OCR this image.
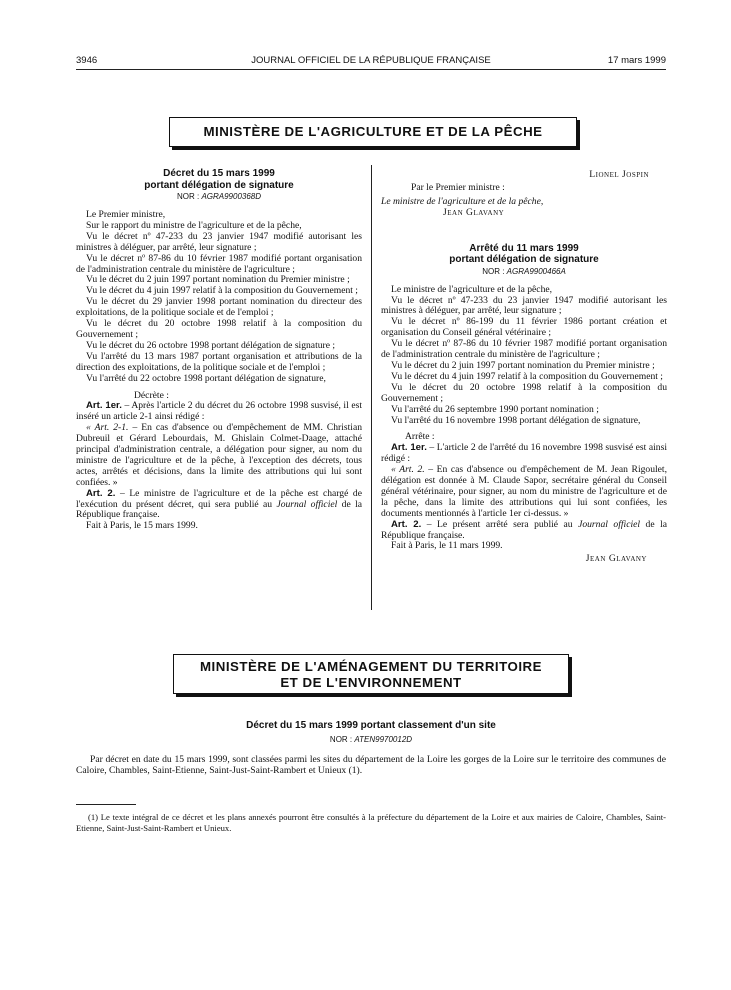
3946	JOURNAL OFFICIEL DE LA RÉPUBLIQUE FRANÇAISE	17 mars 1999
MINISTÈRE DE L'AGRICULTURE ET DE LA PÊCHE
Décret du 15 mars 1999
portant délégation de signature
NOR : AGRA9900368D

Le Premier ministre,

Sur le rapport du ministre de l'agriculture et de la pêche,

Vu le décret nº 47-233 du 23 janvier 1947 modifié autorisant les ministres à déléguer, par arrêté, leur signature ;

Vu le décret nº 87-86 du 10 février 1987 modifié portant organisation de l'administration centrale du ministère de l'agriculture ;

Vu le décret du 2 juin 1997 portant nomination du Premier ministre ;

Vu le décret du 4 juin 1997 relatif à la composition du Gouvernement ;

Vu le décret du 29 janvier 1998 portant nomination du directeur des exploitations, de la politique sociale et de l'emploi ;

Vu le décret du 20 octobre 1998 relatif à la composition du Gouvernement ;

Vu le décret du 26 octobre 1998 portant délégation de signature ;

Vu l'arrêté du 13 mars 1987 portant organisation et attributions de la direction des exploitations, de la politique sociale et de l'emploi ;

Vu l'arrêté du 22 octobre 1998 portant délégation de signature,

Décrète :

Art. 1er. – Après l'article 2 du décret du 26 octobre 1998 susvisé, il est inséré un article 2-1 ainsi rédigé :

« Art. 2-1. – En cas d'absence ou d'empêchement de MM. Christian Dubreuil et Gérard Lebourdais, M. Ghislain Colmet-Daage, attaché principal d'administration centrale, a délégation pour signer, au nom du ministre de l'agriculture et de la pêche, à l'exception des décrets, tous actes, arrêtés et décisions, dans la limite des attributions qui lui sont confiées. »

Art. 2. – Le ministre de l'agriculture et de la pêche est chargé de l'exécution du présent décret, qui sera publié au Journal officiel de la République française.

Fait à Paris, le 15 mars 1999.

Lionel Jospin

Par le Premier ministre :

Le ministre de l'agriculture et de la pêche,

Jean Glavany

Arrêté du 11 mars 1999
portant délégation de signature
NOR : AGRA9900466A

Le ministre de l'agriculture et de la pêche,

Vu le décret nº 47-233 du 23 janvier 1947 modifié autorisant les ministres à déléguer, par arrêté, leur signature ;

Vu le décret nº 86-199 du 11 février 1986 portant création et organisation du Conseil général vétérinaire ;

Vu le décret nº 87-86 du 10 février 1987 modifié portant organisation de l'administration centrale du ministère de l'agriculture ;

Vu le décret du 2 juin 1997 portant nomination du Premier ministre ;

Vu le décret du 4 juin 1997 relatif à la composition du Gouvernement ;

Vu le décret du 20 octobre 1998 relatif à la composition du Gouvernement ;

Vu l'arrêté du 26 septembre 1990 portant nomination ;

Vu l'arrêté du 16 novembre 1998 portant délégation de signature,

Arrête :

Art. 1er. – L'article 2 de l'arrêté du 16 novembre 1998 susvisé est ainsi rédigé :

« Art. 2. – En cas d'absence ou d'empêchement de M. Jean Rigoulet, délégation est donnée à M. Claude Sapor, secrétaire général du Conseil général vétérinaire, pour signer, au nom du ministre de l'agriculture et de la pêche, dans la limite des attributions qui lui sont confiées, les documents mentionnés à l'article 1er ci-dessus. »

Art. 2. – Le présent arrêté sera publié au Journal officiel de la République française.

Fait à Paris, le 11 mars 1999.

Jean Glavany

MINISTÈRE DE L'AMÉNAGEMENT DU TERRITOIRE
ET DE L'ENVIRONNEMENT
Décret du 15 mars 1999 portant classement d'un site
NOR : ATEN9970012D

Par décret en date du 15 mars 1999, sont classées parmi les sites du département de la Loire les gorges de la Loire sur le territoire des communes de Caloire, Chambles, Saint-Etienne, Saint-Just-Saint-Rambert et Unieux (1).

(1) Le texte intégral de ce décret et les plans annexés pourront être consultés à la préfecture du département de la Loire et aux mairies de Caloire, Chambles, Saint-Etienne, Saint-Just-Saint-Rambert et Unieux.
